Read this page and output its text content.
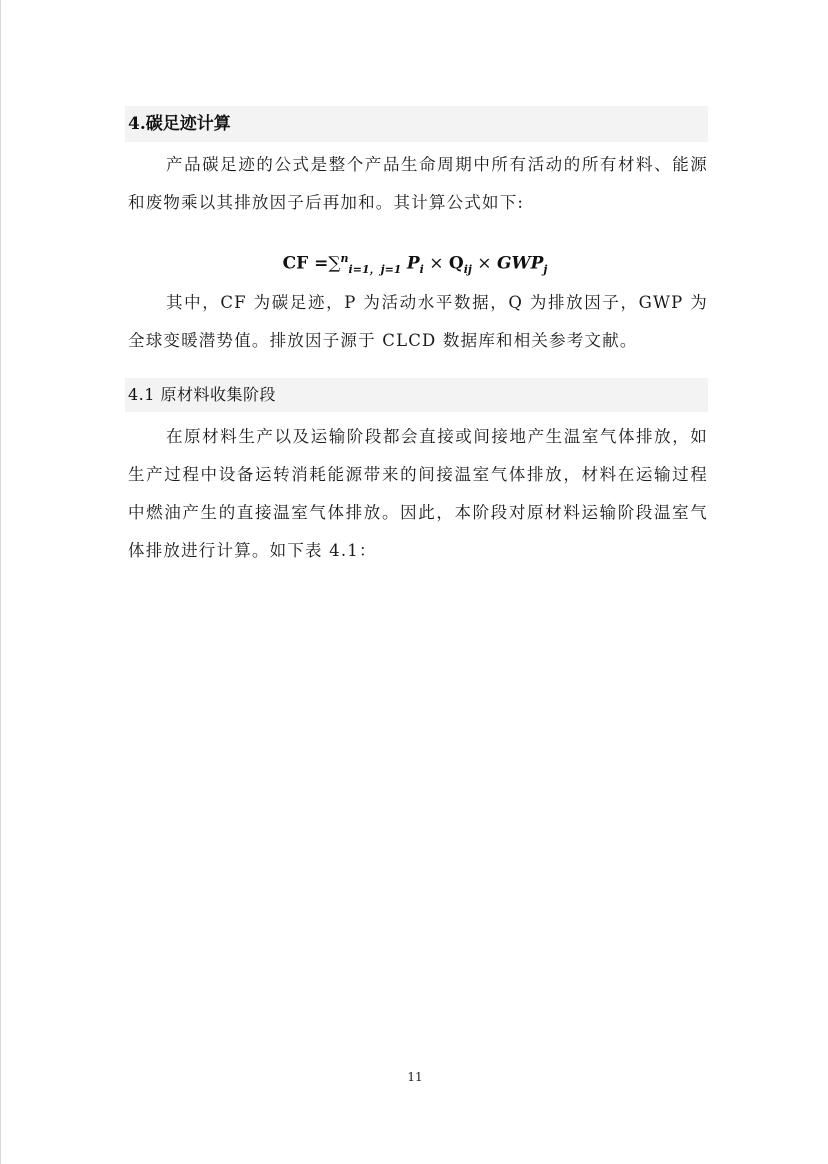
4.碳足迹计算

产品碳足迹的公式是整个产品生命周期中所有活动的所有材料、能源和废物乘以其排放因子后再加和。其计算公式如下:

CF =∑$^n_{i=1,j=1}$ $P_i \times Q_{ij} \times GWP_j$

其中，CF 为碳足迹，P 为活动水平数据，Q 为排放因子，GWP 为全球变暖潜势值。排放因子源于 CLCD 数据库和相关参考文献。

4.1 原材料收集阶段

在原材料生产以及运输阶段都会直接或间接地产生温室气体排放，如生产过程中设备运转消耗能源带来的间接温室气体排放，材料在运输过程中燃油产生的直接温室气体排放。因此，本阶段对原材料运输阶段温室气体排放进行计算。如下表 4.1：

11
